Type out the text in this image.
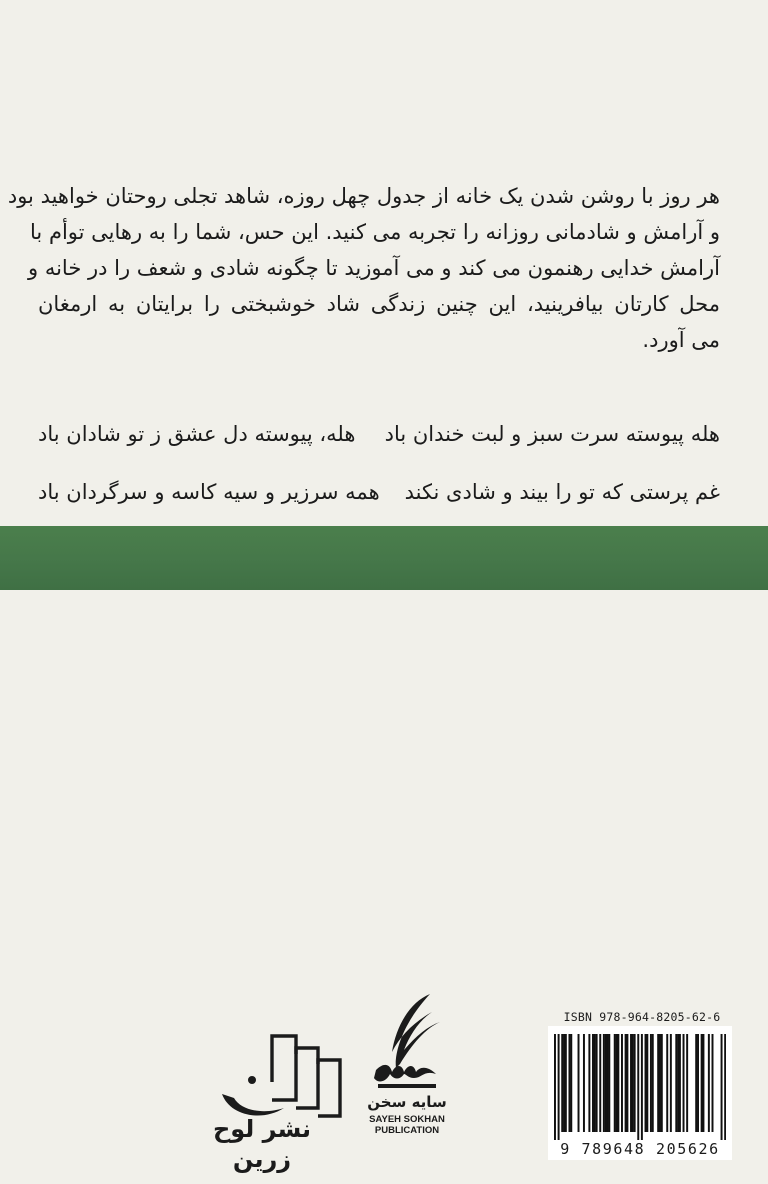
هر روز با روشن شدن یک خانه از جدول چهل روزه، شاهد تجلی روحتان خواهید بود
و آرامش و شادمانی روزانه را تجربه می کنید. این حس، شما را به رهایی توأم با
آرامش خدایی رهنمون می کند و می آموزید تا چگونه شادی و شعف را در خانه و
محل کارتان بیافرینید، این چنین زندگی شاد خوشبختی را برایتان به ارمغان
می آورد.
هله پیوسته سرت سبز و لبت خندان باد
هله، پیوسته دل عشق ز تو شادان باد
غم پرستی که تو را بیند و شادی نکند
همه سرزیر و سیه کاسه و سرگردان باد
نشر لوح زرین
سایه سخن
SAYEH SOKHAN
PUBLICATION
ISBN 978-964-8205-62-6
9 789648 205626
